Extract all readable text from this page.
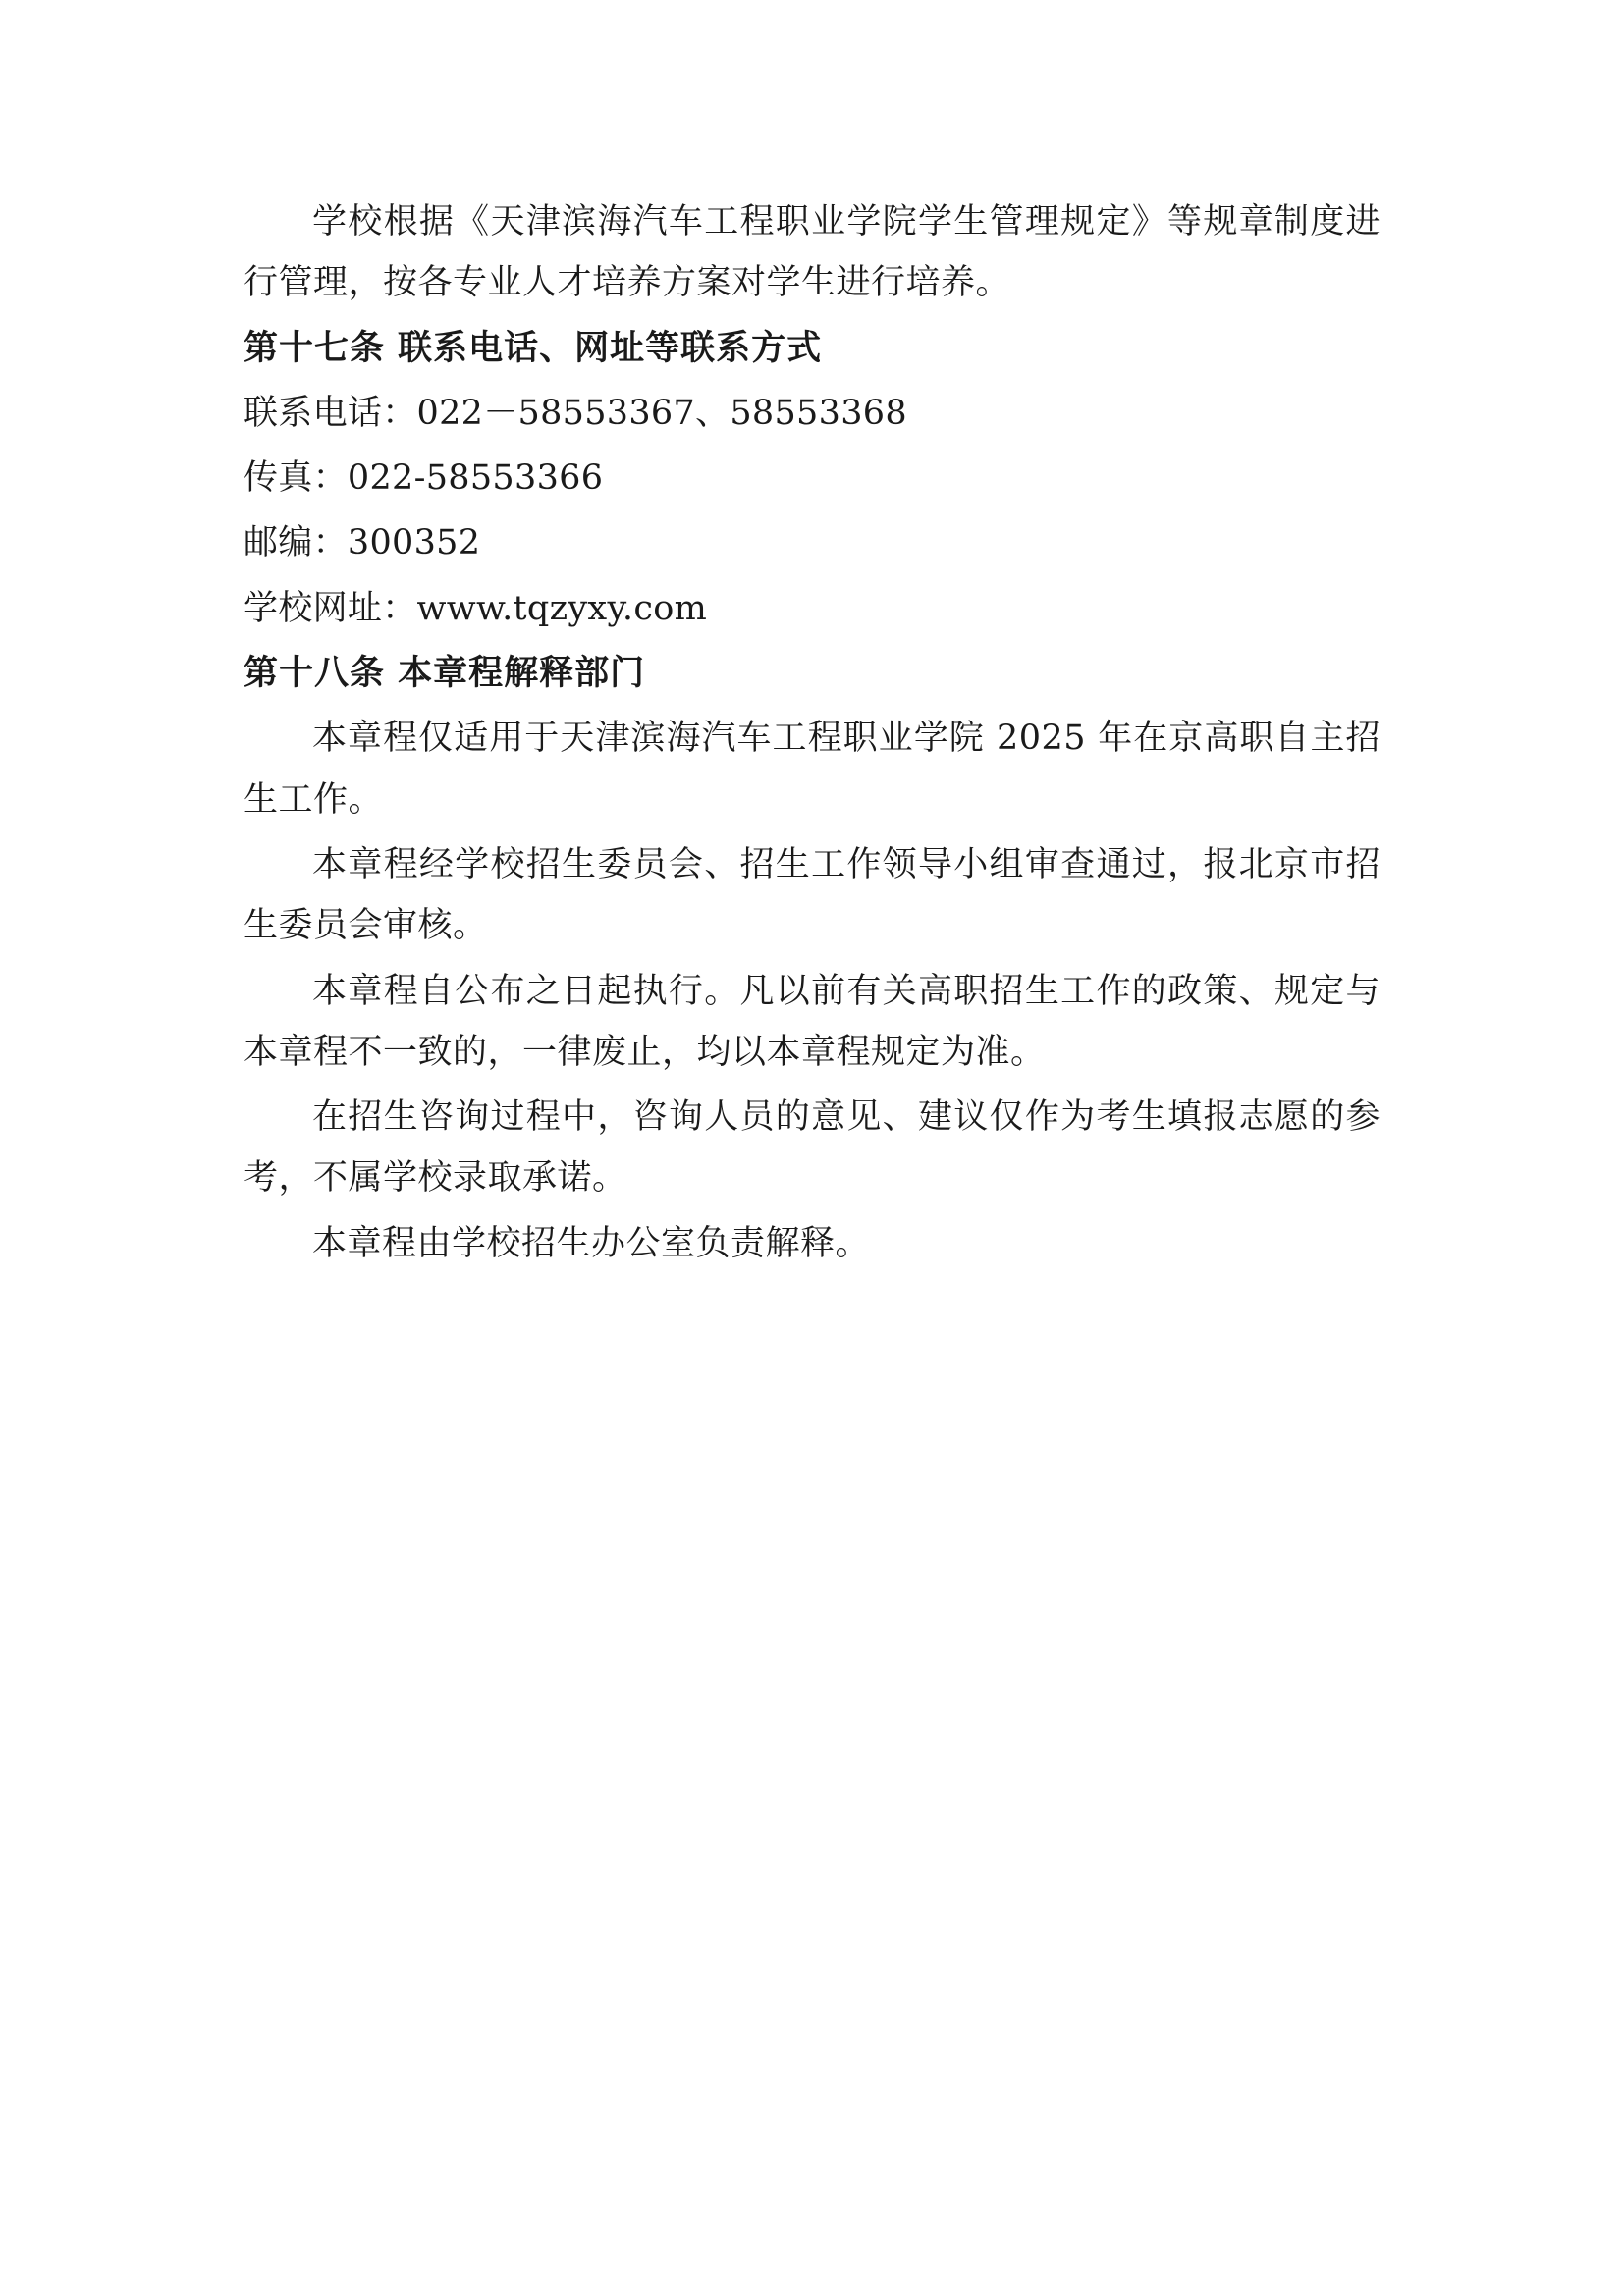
学校根据《天津滨海汽车工程职业学院学生管理规定》等规章制度进行管理，按各专业人才培养方案对学生进行培养。

第十七条 联系电话、网址等联系方式

联系电话：022－58553367、58553368

传真：022-58553366

邮编：300352

学校网址：www.tqzyxy.com

第十八条 本章程解释部门

本章程仅适用于天津滨海汽车工程职业学院 2025 年在京高职自主招生工作。

本章程经学校招生委员会、招生工作领导小组审查通过，报北京市招生委员会审核。

本章程自公布之日起执行。凡以前有关高职招生工作的政策、规定与本章程不一致的，一律废止，均以本章程规定为准。

在招生咨询过程中，咨询人员的意见、建议仅作为考生填报志愿的参考，不属学校录取承诺。

本章程由学校招生办公室负责解释。
